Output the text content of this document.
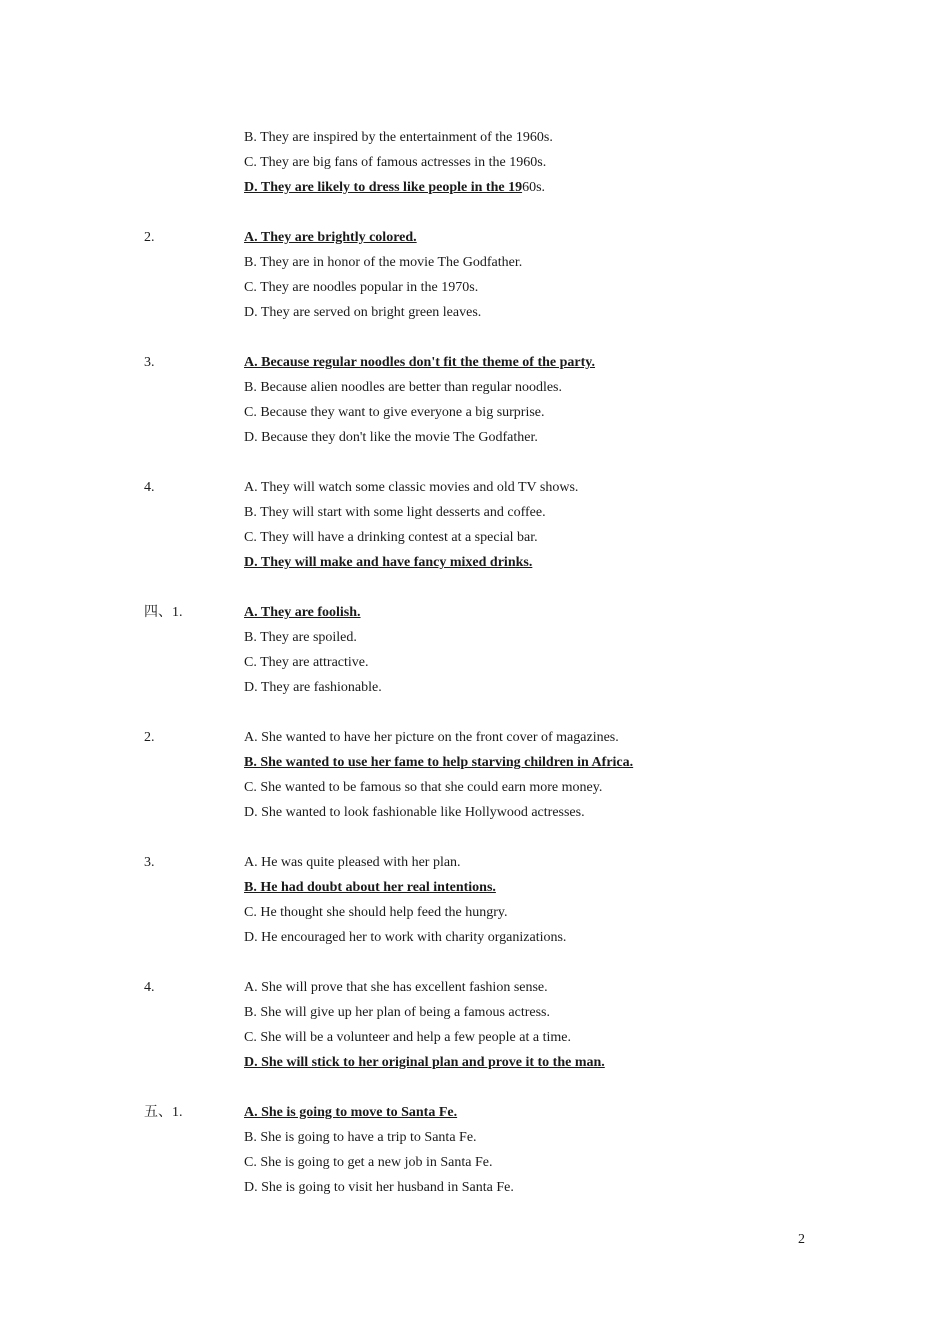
B. They are inspired by the entertainment of the 1960s.
C. They are big fans of famous actresses in the 1960s.
D. They are likely to dress like people in the 1960s.
2.	A. They are brightly colored.
B. They are in honor of the movie The Godfather.
C. They are noodles popular in the 1970s.
D. They are served on bright green leaves.
3.	A. Because regular noodles don't fit the theme of the party.
B. Because alien noodles are better than regular noodles.
C. Because they want to give everyone a big surprise.
D. Because they don't like the movie The Godfather.
4.	A. They will watch some classic movies and old TV shows.
B. They will start with some light desserts and coffee.
C. They will have a drinking contest at a special bar.
D. They will make and have fancy mixed drinks.
四、1.	A. They are foolish.
B. They are spoiled.
C. They are attractive.
D. They are fashionable.
2.	A. She wanted to have her picture on the front cover of magazines.
B. She wanted to use her fame to help starving children in Africa.
C. She wanted to be famous so that she could earn more money.
D. She wanted to look fashionable like Hollywood actresses.
3.	A. He was quite pleased with her plan.
B. He had doubt about her real intentions.
C. He thought she should help feed the hungry.
D. He encouraged her to work with charity organizations.
4.	A. She will prove that she has excellent fashion sense.
B. She will give up her plan of being a famous actress.
C. She will be a volunteer and help a few people at a time.
D. She will stick to her original plan and prove it to the man.
五、1.	A. She is going to move to Santa Fe.
B. She is going to have a trip to Santa Fe.
C. She is going to get a new job in Santa Fe.
D. She is going to visit her husband in Santa Fe.
2
